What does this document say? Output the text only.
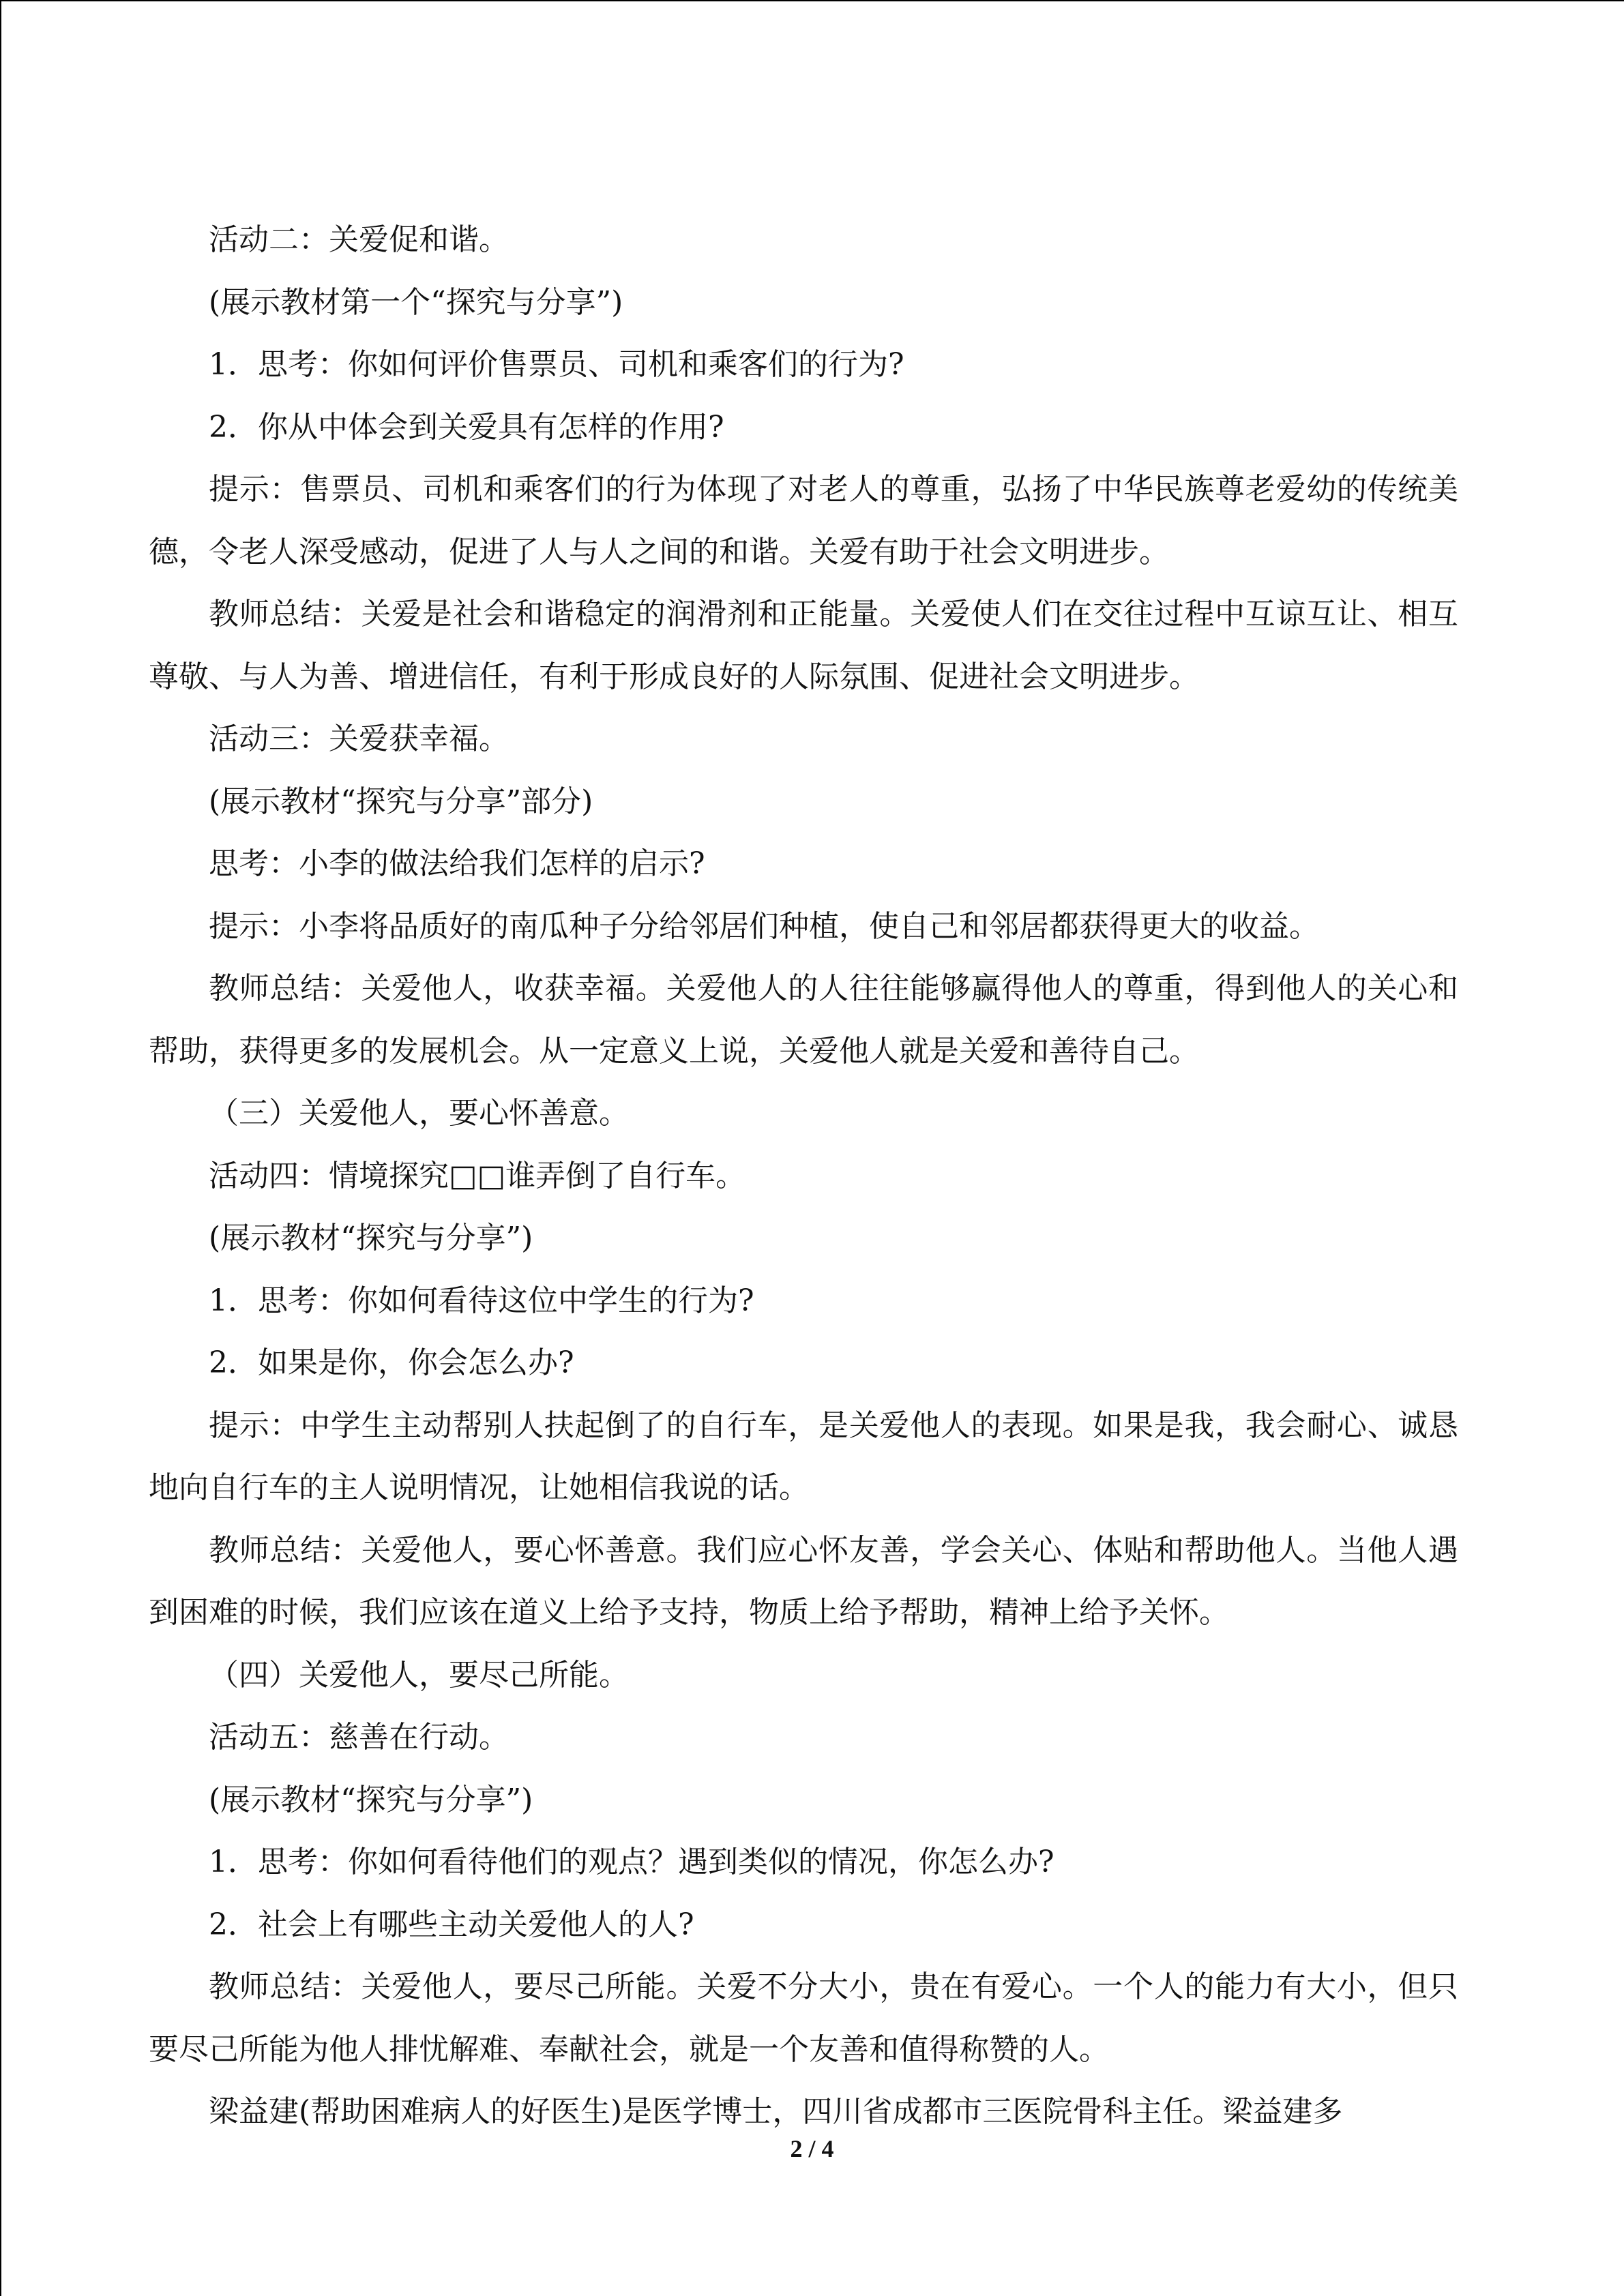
活动二：关爱促和谐。

(展示教材第一个“探究与分享”)

1．思考：你如何评价售票员、司机和乘客们的行为?

2．你从中体会到关爱具有怎样的作用?

提示：售票员、司机和乘客们的行为体现了对老人的尊重，弘扬了中华民族尊老爱幼的传统美德，令老人深受感动，促进了人与人之间的和谐。关爱有助于社会文明进步。

教师总结：关爱是社会和谐稳定的润滑剂和正能量。关爱使人们在交往过程中互谅互让、相互尊敬、与人为善、增进信任，有利于形成良好的人际氛围、促进社会文明进步。

活动三：关爱获幸福。

(展示教材“探究与分享”部分)

思考：小李的做法给我们怎样的启示?

提示：小李将品质好的南瓜种子分给邻居们种植，使自己和邻居都获得更大的收益。

教师总结：关爱他人，收获幸福。关爱他人的人往往能够赢得他人的尊重，得到他人的关心和帮助，获得更多的发展机会。从一定意义上说，关爱他人就是关爱和善待自己。

（三）关爱他人，要心怀善意。

活动四：情境探究□□谁弄倒了自行车。

(展示教材“探究与分享”)

1．思考：你如何看待这位中学生的行为?

2．如果是你，你会怎么办?

提示：中学生主动帮别人扶起倒了的自行车，是关爱他人的表现。如果是我，我会耐心、诚恳地向自行车的主人说明情况，让她相信我说的话。

教师总结：关爱他人，要心怀善意。我们应心怀友善，学会关心、体贴和帮助他人。当他人遇到困难的时候，我们应该在道义上给予支持，物质上给予帮助，精神上给予关怀。

（四）关爱他人，要尽己所能。

活动五：慈善在行动。

(展示教材“探究与分享”)

1．思考：你如何看待他们的观点？遇到类似的情况，你怎么办?

2．社会上有哪些主动关爱他人的人?

教师总结：关爱他人，要尽己所能。关爱不分大小，贵在有爱心。一个人的能力有大小，但只要尽己所能为他人排忧解难、奉献社会，就是一个友善和值得称赞的人。

梁益建(帮助困难病人的好医生)是医学博士，四川省成都市三医院骨科主任。梁益建多

2 / 4
